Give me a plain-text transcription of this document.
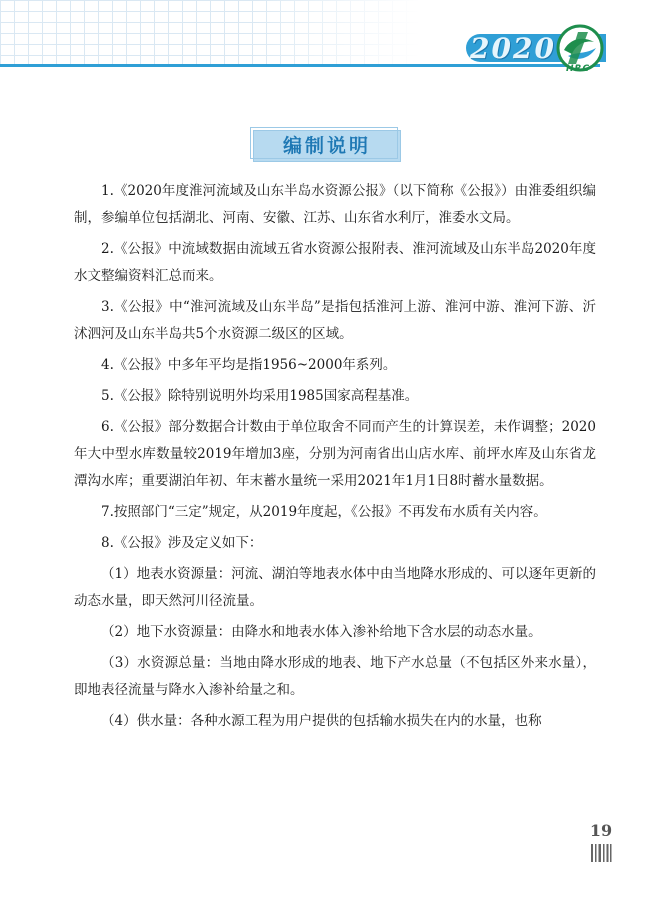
2020
HRC
编制说明

1.《2020年度淮河流域及山东半岛水资源公报》（以下简称《公报》）由淮委组织编制，参编单位包括湖北、河南、安徽、江苏、山东省水利厅，淮委水文局。

2.《公报》中流域数据由流域五省水资源公报附表、淮河流域及山东半岛2020年度水文整编资料汇总而来。

3.《公报》中“淮河流域及山东半岛”是指包括淮河上游、淮河中游、淮河下游、沂沭泗河及山东半岛共5个水资源二级区的区域。

4.《公报》中多年平均是指1956~2000年系列。

5.《公报》除特别说明外均采用1985国家高程基准。

6.《公报》部分数据合计数由于单位取舍不同而产生的计算误差，未作调整；2020年大中型水库数量较2019年增加3座，分别为河南省出山店水库、前坪水库及山东省龙潭沟水库；重要湖泊年初、年末蓄水量统一采用2021年1月1日8时蓄水量数据。

7.按照部门“三定”规定，从2019年度起，《公报》不再发布水质有关内容。

8.《公报》涉及定义如下：

（1）地表水资源量：河流、湖泊等地表水体中由当地降水形成的、可以逐年更新的动态水量，即天然河川径流量。

（2）地下水资源量：由降水和地表水体入渗补给地下含水层的动态水量。

（3）水资源总量：当地由降水形成的地表、地下产水总量（不包括区外来水量），即地表径流量与降水入渗补给量之和。

（4）供水量：各种水源工程为用户提供的包括输水损失在内的水量，也称

19
